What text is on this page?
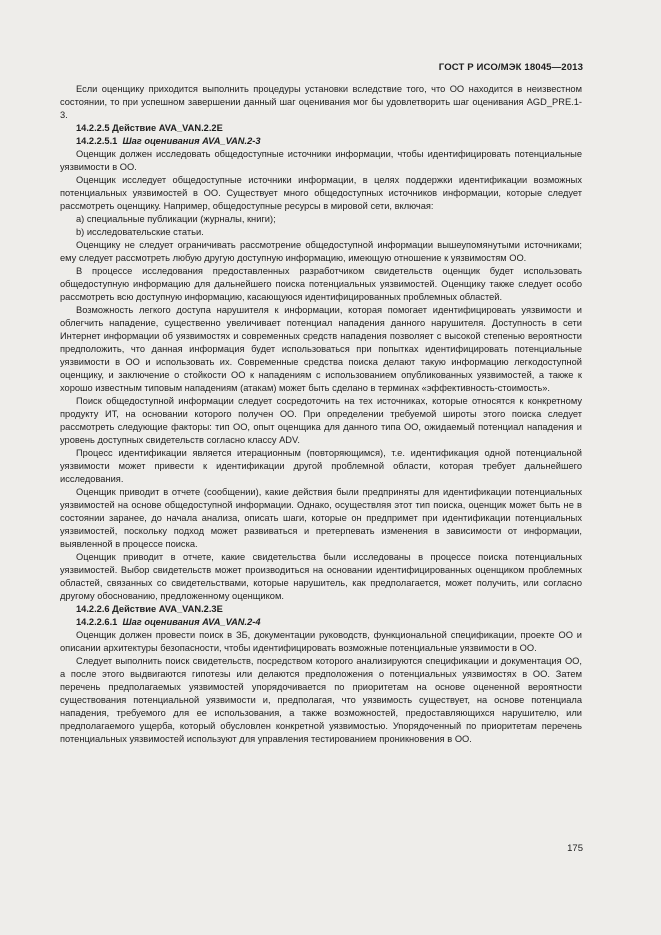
ГОСТ Р ИСО/МЭК 18045—2013

Если оценщику приходится выполнить процедуры установки вследствие того, что ОО находится в неизвестном состоянии, то при успешном завершении данный шаг оценивания мог бы удовлетворить шаг оценивания AGD_PRE.1-3.

14.2.2.5 Действие AVA_VAN.2.2E

14.2.2.5.1 Шаг оценивания AVA_VAN.2-3

Оценщик должен исследовать общедоступные источники информации, чтобы идентифицировать потенциальные уязвимости в ОО.

Оценщик исследует общедоступные источники информации, в целях поддержки идентификации возможных потенциальных уязвимостей в ОО. Существует много общедоступных источников информации, которые следует рассмотреть оценщику. Например, общедоступные ресурсы в мировой сети, включая:

a) специальные публикации (журналы, книги);

b) исследовательские статьи.

Оценщику не следует ограничивать рассмотрение общедоступной информации вышеупомянутыми источниками; ему следует рассмотреть любую другую доступную информацию, имеющую отношение к уязвимостям ОО.

В процессе исследования предоставленных разработчиком свидетельств оценщик будет использовать общедоступную информацию для дальнейшего поиска потенциальных уязвимостей. Оценщику также следует особо рассмотреть всю доступную информацию, касающуюся идентифицированных проблемных областей.

Возможность легкого доступа нарушителя к информации, которая помогает идентифицировать уязвимости и облегчить нападение, существенно увеличивает потенциал нападения данного нарушителя. Доступность в сети Интернет информации об уязвимостях и современных средств нападения позволяет с высокой степенью вероятности предположить, что данная информация будет использоваться при попытках идентифицировать потенциальные уязвимости в ОО и использовать их. Современные средства поиска делают такую информацию легкодоступной оценщику, и заключение о стойкости ОО к нападениям с использованием опубликованных уязвимостей, а также к хорошо известным типовым нападениям (атакам) может быть сделано в терминах «эффективность-стоимость».

Поиск общедоступной информации следует сосредоточить на тех источниках, которые относятся к конкретному продукту ИТ, на основании которого получен ОО. При определении требуемой широты этого поиска следует рассмотреть следующие факторы: тип ОО, опыт оценщика для данного типа ОО, ожидаемый потенциал нападения и уровень доступных свидетельств согласно классу ADV.

Процесс идентификации является итерационным (повторяющимся), т.е. идентификация одной потенциальной уязвимости может привести к идентификации другой проблемной области, которая требует дальнейшего исследования.

Оценщик приводит в отчете (сообщении), какие действия были предприняты для идентификации потенциальных уязвимостей на основе общедоступной информации. Однако, осуществляя этот тип поиска, оценщик может быть не в состоянии заранее, до начала анализа, описать шаги, которые он предпримет при идентификации потенциальных уязвимостей, поскольку подход может развиваться и претерпевать изменения в зависимости от информации, выявленной в процессе поиска.

Оценщик приводит в отчете, какие свидетельства были исследованы в процессе поиска потенциальных уязвимостей. Выбор свидетельств может производиться на основании идентифицированных оценщиком проблемных областей, связанных со свидетельствами, которые нарушитель, как предполагается, может получить, или согласно другому обоснованию, предложенному оценщиком.

14.2.2.6 Действие AVA_VAN.2.3E

14.2.2.6.1 Шаг оценивания AVA_VAN.2-4

Оценщик должен провести поиск в ЗБ, документации руководств, функциональной спецификации, проекте ОО и описании архитектуры безопасности, чтобы идентифицировать возможные потенциальные уязвимости в ОО.

Следует выполнить поиск свидетельств, посредством которого анализируются спецификации и документация ОО, а после этого выдвигаются гипотезы или делаются предположения о потенциальных уязвимостях в ОО. Затем перечень предполагаемых уязвимостей упорядочивается по приоритетам на основе оцененной вероятности существования потенциальной уязвимости и, предполагая, что уязвимость существует, на основе потенциала нападения, требуемого для ее использования, а также возможностей, предоставляющихся нарушителю, или предполагаемого ущерба, который обусловлен конкретной уязвимостью. Упорядоченный по приоритетам перечень потенциальных уязвимостей используют для управления тестированием проникновения в ОО.

175
